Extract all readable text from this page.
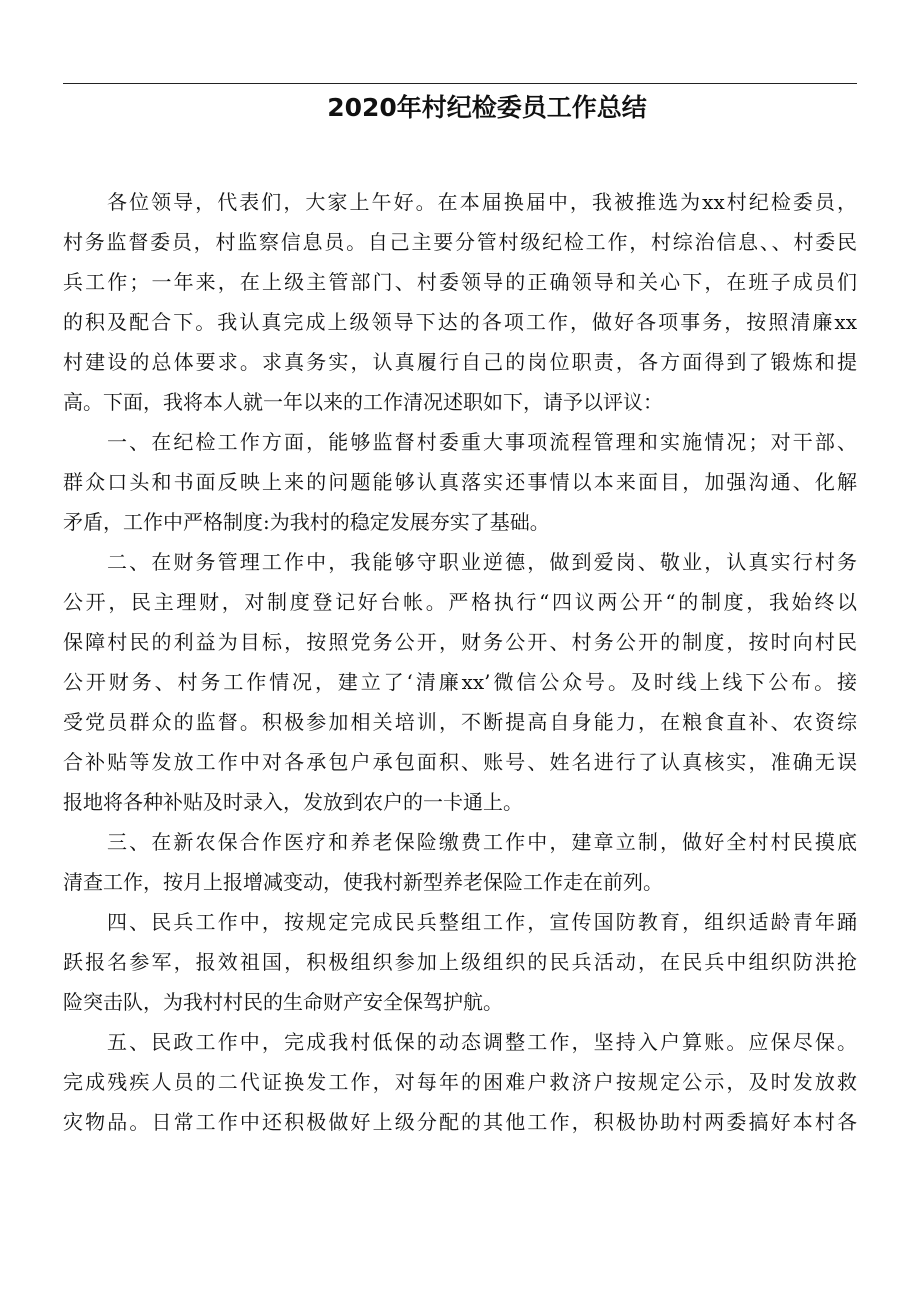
2020年村纪检委员工作总结
各位领导，代表们，大家上午好。在本届换届中，我被推选为xx村纪检委员，
村务监督委员，村监察信息员。自己主要分管村级纪检工作，村综治信息、、村委民
兵工作；一年来，在上级主管部门、村委领导的正确领导和关心下，在班子成员们
的积及配合下。我认真完成上级领导下达的各项工作，做好各项事务，按照清廉xx
村建设的总体要求。求真务实，认真履行自己的岗位职责，各方面得到了锻炼和提
高。下面，我将本人就一年以来的工作清况述职如下，请予以评议：
一、在纪检工作方面，能够监督村委重大事项流程管理和实施情况；对干部、
群众口头和书面反映上来的问题能够认真落实还事情以本来面目，加强沟通、化解
矛盾，工作中严格制度:为我村的稳定发展夯实了基础。
二、在财务管理工作中，我能够守职业逆德，做到爱岗、敬业，认真实行村务
公开，民主理财，对制度登记好台帐。严格执行“四议两公开“的制度，我始终以
保障村民的利益为目标，按照党务公开，财务公开、村务公开的制度，按时向村民
公开财务、村务工作情况，建立了‘清廉xx’微信公众号。及时线上线下公布。接
受党员群众的监督。积极参加相关培训，不断提高自身能力，在粮食直补、农资综
合补贴等发放工作中对各承包户承包面积、账号、姓名进行了认真核实，准确无误
报地将各种补贴及时录入，发放到农户的一卡通上。
三、在新农保合作医疗和养老保险缴费工作中，建章立制，做好全村村民摸底
清查工作，按月上报增减变动，使我村新型养老保险工作走在前列。
四、民兵工作中，按规定完成民兵整组工作，宣传国防教育，组织适龄青年踊
跃报名参军，报效祖国，积极组织参加上级组织的民兵活动，在民兵中组织防洪抢
险突击队，为我村村民的生命财产安全保驾护航。
五、民政工作中，完成我村低保的动态调整工作，坚持入户算账。应保尽保。
完成残疾人员的二代证换发工作，对每年的困难户救济户按规定公示，及时发放救
灾物品。日常工作中还积极做好上级分配的其他工作，积极协助村两委搞好本村各
